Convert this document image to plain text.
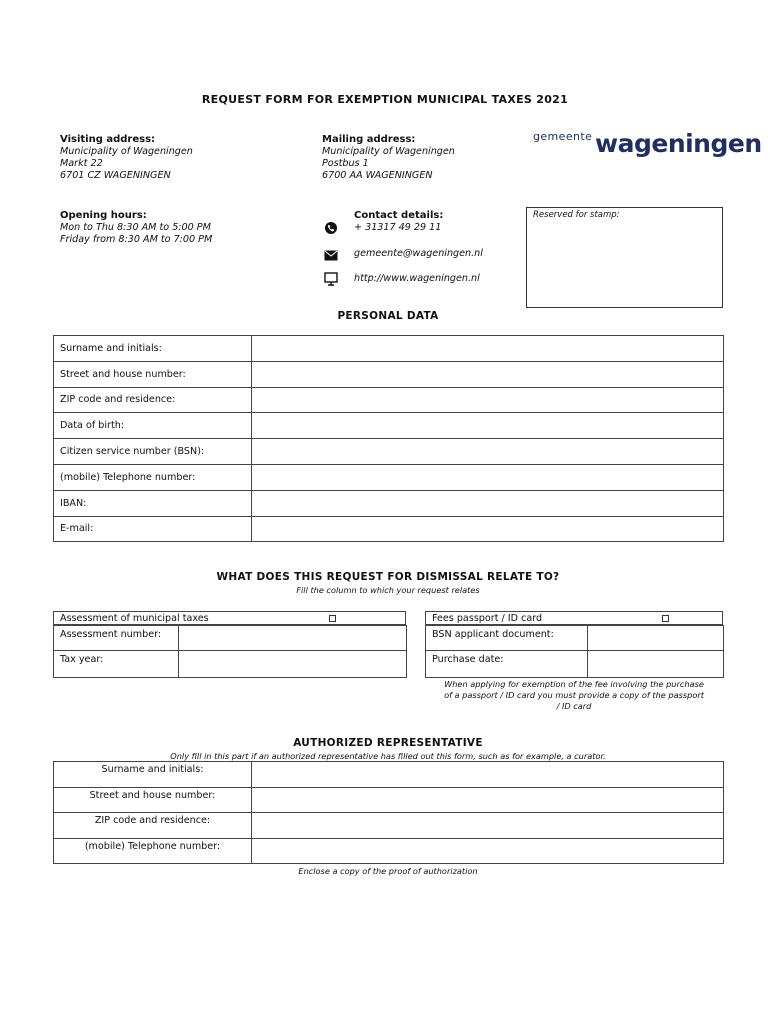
REQUEST FORM FOR EXEMPTION MUNICIPAL TAXES 2021
Visiting address:
Municipality of Wageningen
Markt 22
6701 CZ WAGENINGEN
Mailing address:
Municipality of Wageningen
Postbus 1
6700 AA WAGENINGEN
gemeente wageningen
Opening hours:
Mon to Thu 8:30 AM to 5:00 PM
Friday from 8:30 AM to 7:00 PM
Contact details:
+ 31317 49 29 11
gemeente@wageningen.nl
http://www.wageningen.nl
Reserved for stamp:
PERSONAL DATA
Surname and initials:	
Street and house number:	
ZIP code and residence:	
Data of birth:	
Citizen service number (BSN):	
(mobile) Telephone number:	
IBAN:	
E-mail:	
WHAT DOES THIS REQUEST FOR DISMISSAL RELATE TO?
Fill the column to which your request relates
Assessment of municipal taxes
Assessment number:	
Tax year:	
Fees passport / ID card
BSN applicant document:	
Purchase date:	
When applying for exemption of the fee involving the purchase
of a passport / ID card you must provide a copy of the passport
/ ID card
AUTHORIZED REPRESENTATIVE
Only fill in this part if an authorized representative has filled out this form, such as for example, a curator.
Surname and initials:	
Street and house number:	
ZIP code and residence:	
(mobile) Telephone number:	
Enclose a copy of the proof of authorization
